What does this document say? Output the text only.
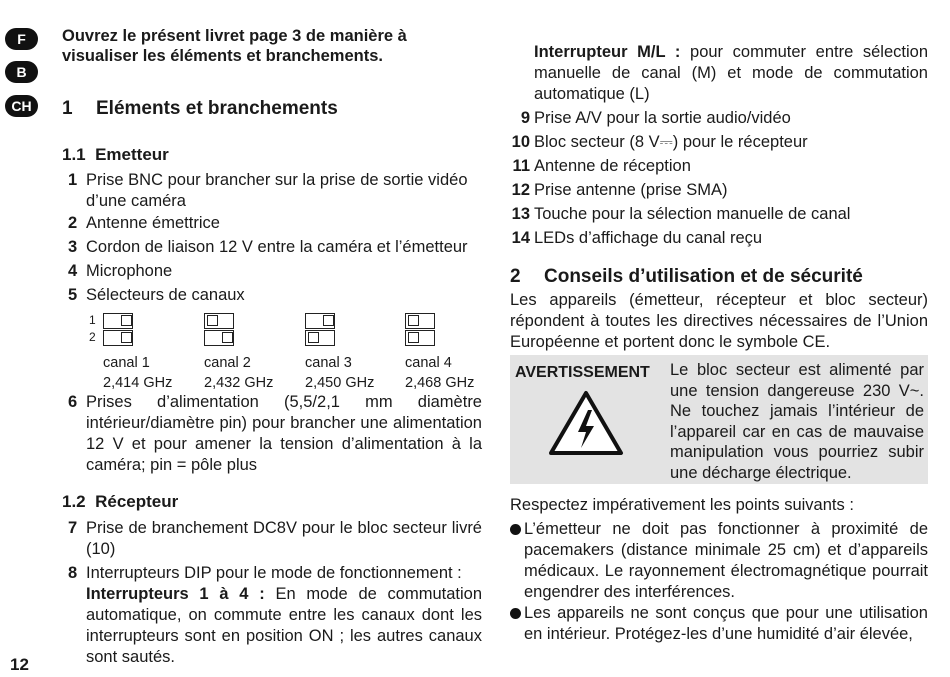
F
B
CH

Ouvrez le présent livret page 3 de manière à visualiser les éléments et branchements.

1 Eléments et branchements
1.1 Emetteur
1 Prise BNC pour brancher sur la prise de sortie vidéo d’une caméra
2 Antenne émettrice
3 Cordon de liaison 12 V entre la caméra et l’émetteur
4 Microphone
5 Sélecteurs de canaux
1
2
canal 1
2,414 GHz
canal 2
2,432 GHz
canal 3
2,450 GHz
canal 4
2,468 GHz
6 Prises d’alimentation (5,5/2,1 mm diamètre intérieur/diamètre pin) pour brancher une alimentation 12 V et pour amener la tension d’alimentation à la caméra; pin = pôle plus
1.2 Récepteur
7 Prise de branchement DC8V pour le bloc secteur livré (10)
8 Interrupteurs DIP pour le mode de fonctionnement :
Interrupteurs 1 à 4 : En mode de commutation automatique, on commute entre les canaux dont les interrupteurs sont en position ON ; les autres canaux sont sautés.
Interrupteur M/L : pour commuter entre sélection manuelle de canal (M) et mode de commutation automatique (L)
9 Prise A/V pour la sortie audio/vidéo
10 Bloc secteur (8 V⎓) pour le récepteur
11 Antenne de réception
12 Prise antenne (prise SMA)
13 Touche pour la sélection manuelle de canal
14 LEDs d’affichage du canal reçu
2 Conseils d’utilisation et de sécurité

Les appareils (émetteur, récepteur et bloc secteur) répondent à toutes les directives nécessaires de l’Union Européenne et portent donc le symbole CE.

AVERTISSEMENT Le bloc secteur est alimenté par une tension dangereuse 230 V~. Ne touchez jamais l’intérieur de l’appareil car en cas de mauvaise manipulation vous pourriez subir une décharge électrique.

Respectez impérativement les points suivants :

L’émetteur ne doit pas fonctionner à proximité de pacemakers (distance minimale 25 cm) et d’appareils médicaux. Le rayonnement électromagnétique pourrait engendrer des interférences.
Les appareils ne sont conçus que pour une utilisation en intérieur. Protégez-les d’une humidité d’air élevée,
12
